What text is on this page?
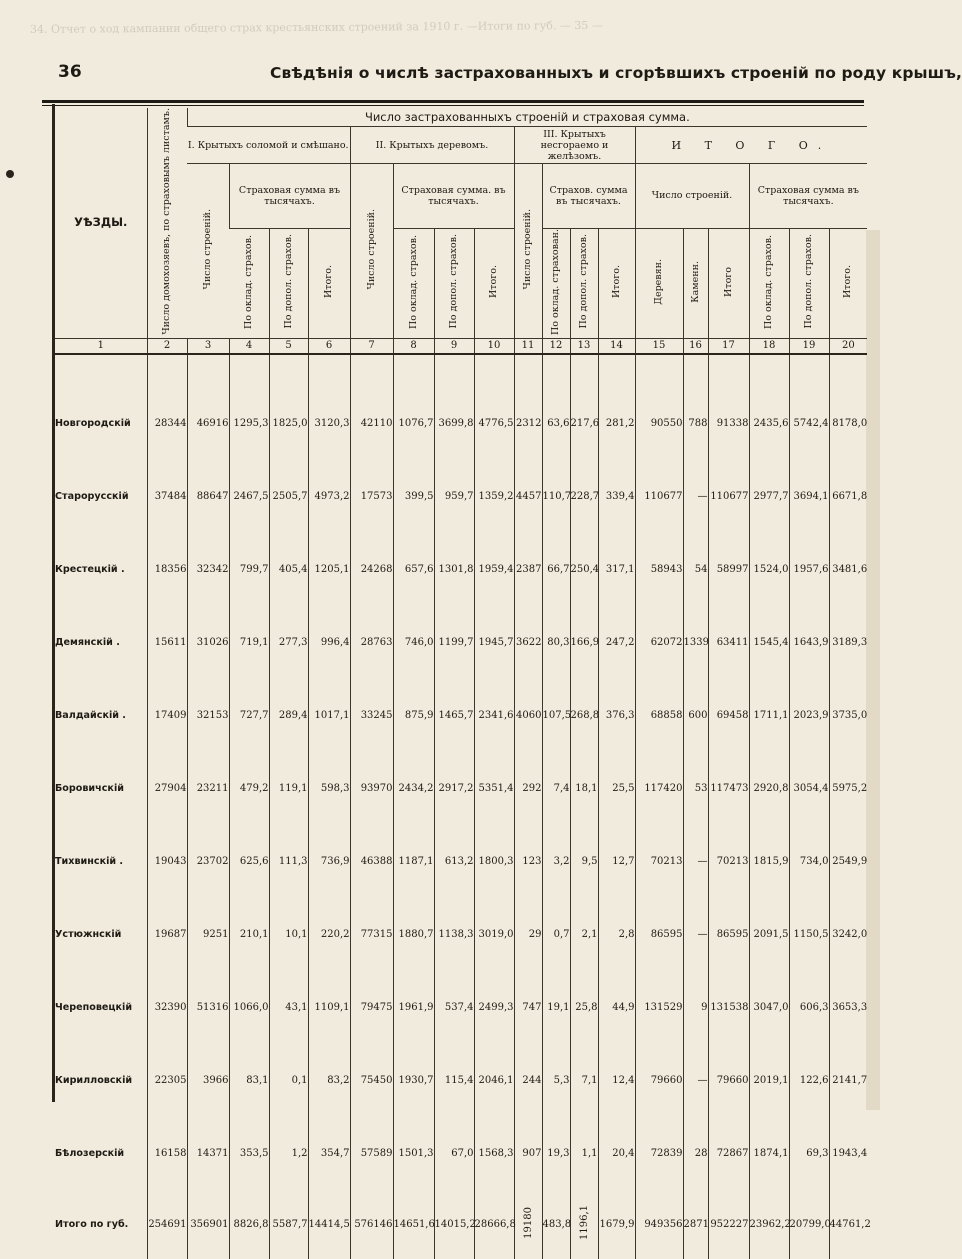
34. Отчет о ход кампании общего страх крестьянских строений за 1910 г. —Итоги по губ. — 35 —
36	Свѣдѣнія о числѣ застрахованныхъ и сгорѣвшихъ строеній по роду крышъ,
УѢЗДЫ.	Число домохозяевъ, по страховымъ листамъ.	Число застрахованныхъ строеній и страховая сумма.																	
		I. Крытыхъ соломой и смѣшано.				II. Крытыхъ деревомъ.				III. Крытыхъ несгораемо и желѣзомъ.				И Т О Г О.					
		Число строеній.	Страховая сумма въ тысячахъ.			Число строеній.	Страховая сумма. въ тысячахъ.			Число строеній.	Страхов. сумма въ тысячахъ.			Число строеній.			Страховая сумма въ тысячахъ.		
			По оклад. страхов.	По допол. страхов.	Итого.		По оклад. страхов.	По допол. страхов.	Итого.		По оклад. страхован.	По допол. страхов.	Итого.	Деревян.	Каменн.	Итого	По оклад. страхов.	По допол. страхов.	Итого.
1	2	3	4	5	6	7	8	9	10	11	12	13	14	15	16	17	18	19	20

Новгородскій	28344	46916	1295,3	1825,0	3120,3	42110	1076,7	3699,8	4776,5	2312	63,6	217,6	281,2	90550	788	91338	2435,6	5742,4	8178,0
Старорусскій	37484	88647	2467,5	2505,7	4973,2	17573	399,5	959,7	1359,2	4457	110,7	228,7	339,4	110677	—	110677	2977,7	3694,1	6671,8
Крестецкій .	18356	32342	799,7	405,4	1205,1	24268	657,6	1301,8	1959,4	2387	66,7	250,4	317,1	58943	54	58997	1524,0	1957,6	3481,6
Демянскій .	15611	31026	719,1	277,3	996,4	28763	746,0	1199,7	1945,7	3622	80,3	166,9	247,2	62072	1339	63411	1545,4	1643,9	3189,3
Валдайскій .	17409	32153	727,7	289,4	1017,1	33245	875,9	1465,7	2341,6	4060	107,5	268,8	376,3	68858	600	69458	1711,1	2023,9	3735,0
Боровичскій	27904	23211	479,2	119,1	598,3	93970	2434,2	2917,2	5351,4	292	7,4	18,1	25,5	117420	53	117473	2920,8	3054,4	5975,2
Тихвинскій .	19043	23702	625,6	111,3	736,9	46388	1187,1	613,2	1800,3	123	3,2	9,5	12,7	70213	—	70213	1815,9	734,0	2549,9
Устюжнскій	19687	9251	210,1	10,1	220,2	77315	1880,7	1138,3	3019,0	29	0,7	2,1	2,8	86595	—	86595	2091,5	1150,5	3242,0
Череповецкій	32390	51316	1066,0	43,1	1109,1	79475	1961,9	537,4	2499,3	747	19,1	25,8	44,9	131529	9	131538	3047,0	606,3	3653,3
Кирилловскій	22305	3966	83,1	0,1	83,2	75450	1930,7	115,4	2046,1	244	5,3	7,1	12,4	79660	—	79660	2019,1	122,6	2141,7
Бѣлозерскій	16158	14371	353,5	1,2	354,7	57589	1501,3	67,0	1568,3	907	19,3	1,1	20,4	72839	28	72867	1874,1	69,3	1943,4
Итого по губ.	254691	356901	8826,8	5587,7	14414,5	576146	14651,6	14015,2	28666,8	19180	483,8	1196,1	1679,9	949356	2871	952227	23962,2	20799,0	44761,2
